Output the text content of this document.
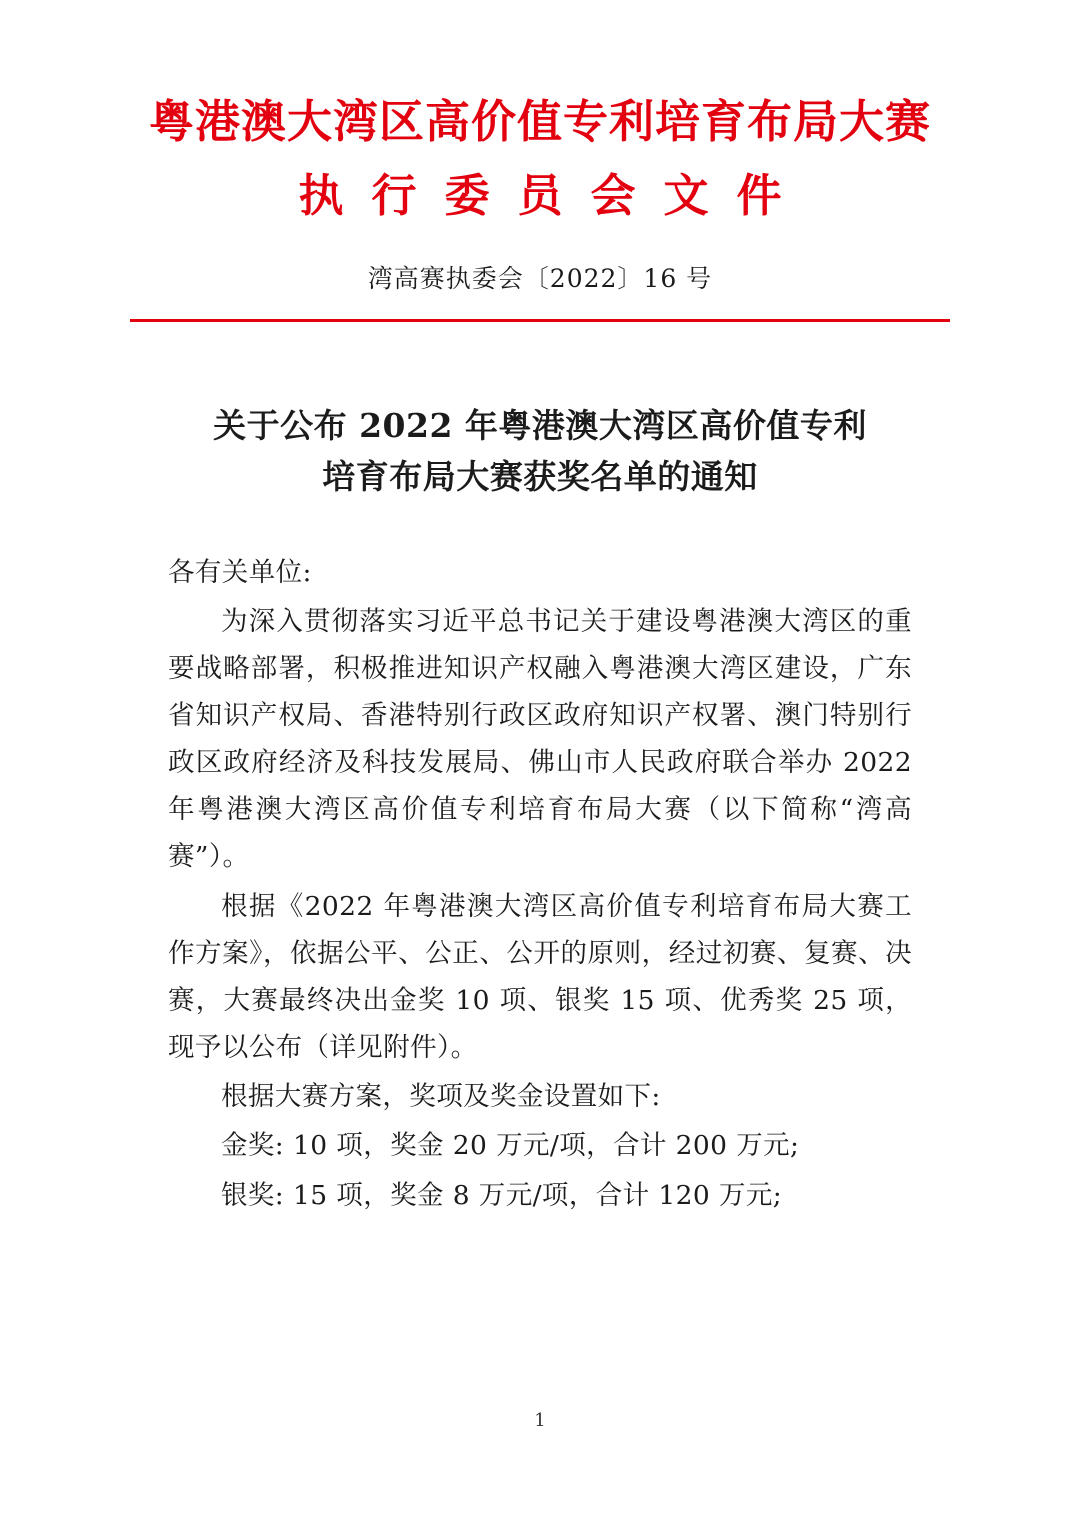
粤港澳大湾区高价值专利培育布局大赛
执行委员会文件
湾高赛执委会〔2022〕16 号
关于公布 2022 年粤港澳大湾区高价值专利
培育布局大赛获奖名单的通知
各有关单位:
为深入贯彻落实习近平总书记关于建设粤港澳大湾区的重要战略部署，积极推进知识产权融入粤港澳大湾区建设，广东省知识产权局、香港特别行政区政府知识产权署、澳门特别行政区政府经济及科技发展局、佛山市人民政府联合举办 2022 年粤港澳大湾区高价值专利培育布局大赛（以下简称“湾高赛”）。
根据《2022 年粤港澳大湾区高价值专利培育布局大赛工作方案》，依据公平、公正、公开的原则，经过初赛、复赛、决赛，大赛最终决出金奖 10 项、银奖 15 项、优秀奖 25 项，现予以公布（详见附件）。
根据大赛方案，奖项及奖金设置如下:
金奖: 10 项，奖金 20 万元/项，合计 200 万元;
银奖: 15 项，奖金 8 万元/项，合计 120 万元;
1
